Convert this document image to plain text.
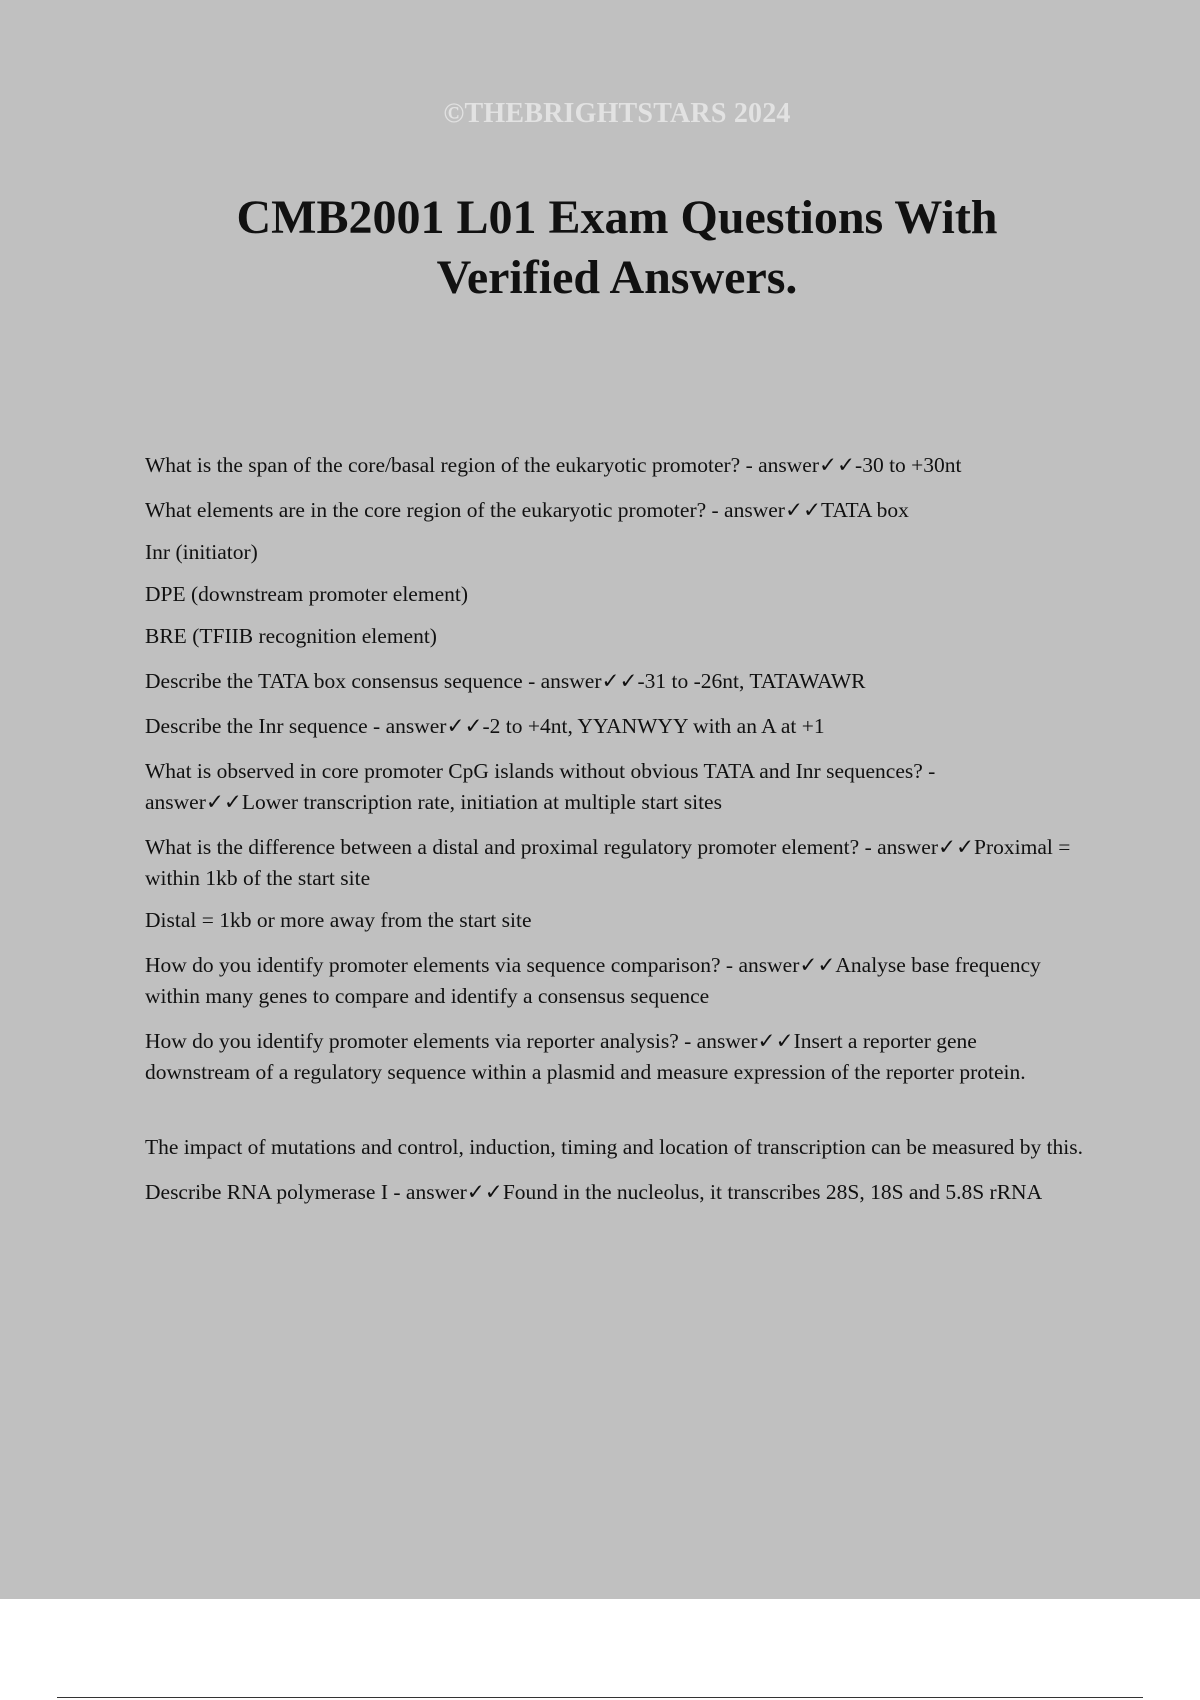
©THEBRIGHTSTARS 2024
CMB2001 L01 Exam Questions With Verified Answers.

What is the span of the core/basal region of the eukaryotic promoter? - answer✓✓-30 to +30nt

What elements are in the core region of the eukaryotic promoter? - answer✓✓TATA box

Inr (initiator)

DPE (downstream promoter element)

BRE (TFIIB recognition element)

Describe the TATA box consensus sequence - answer✓✓-31 to -26nt, TATAWAWR

Describe the Inr sequence - answer✓✓-2 to +4nt, YYANWYY with an A at +1

What is observed in core promoter CpG islands without obvious TATA and Inr sequences? - answer✓✓Lower transcription rate, initiation at multiple start sites

What is the difference between a distal and proximal regulatory promoter element? - answer✓✓Proximal = within 1kb of the start site

Distal = 1kb or more away from the start site

How do you identify promoter elements via sequence comparison? - answer✓✓Analyse base frequency within many genes to compare and identify a consensus sequence

How do you identify promoter elements via reporter analysis? - answer✓✓Insert a reporter gene downstream of a regulatory sequence within a plasmid and measure expression of the reporter protein.

The impact of mutations and control, induction, timing and location of transcription can be measured by this.

Describe RNA polymerase I - answer✓✓Found in the nucleolus, it transcribes 28S, 18S and 5.8S rRNA
